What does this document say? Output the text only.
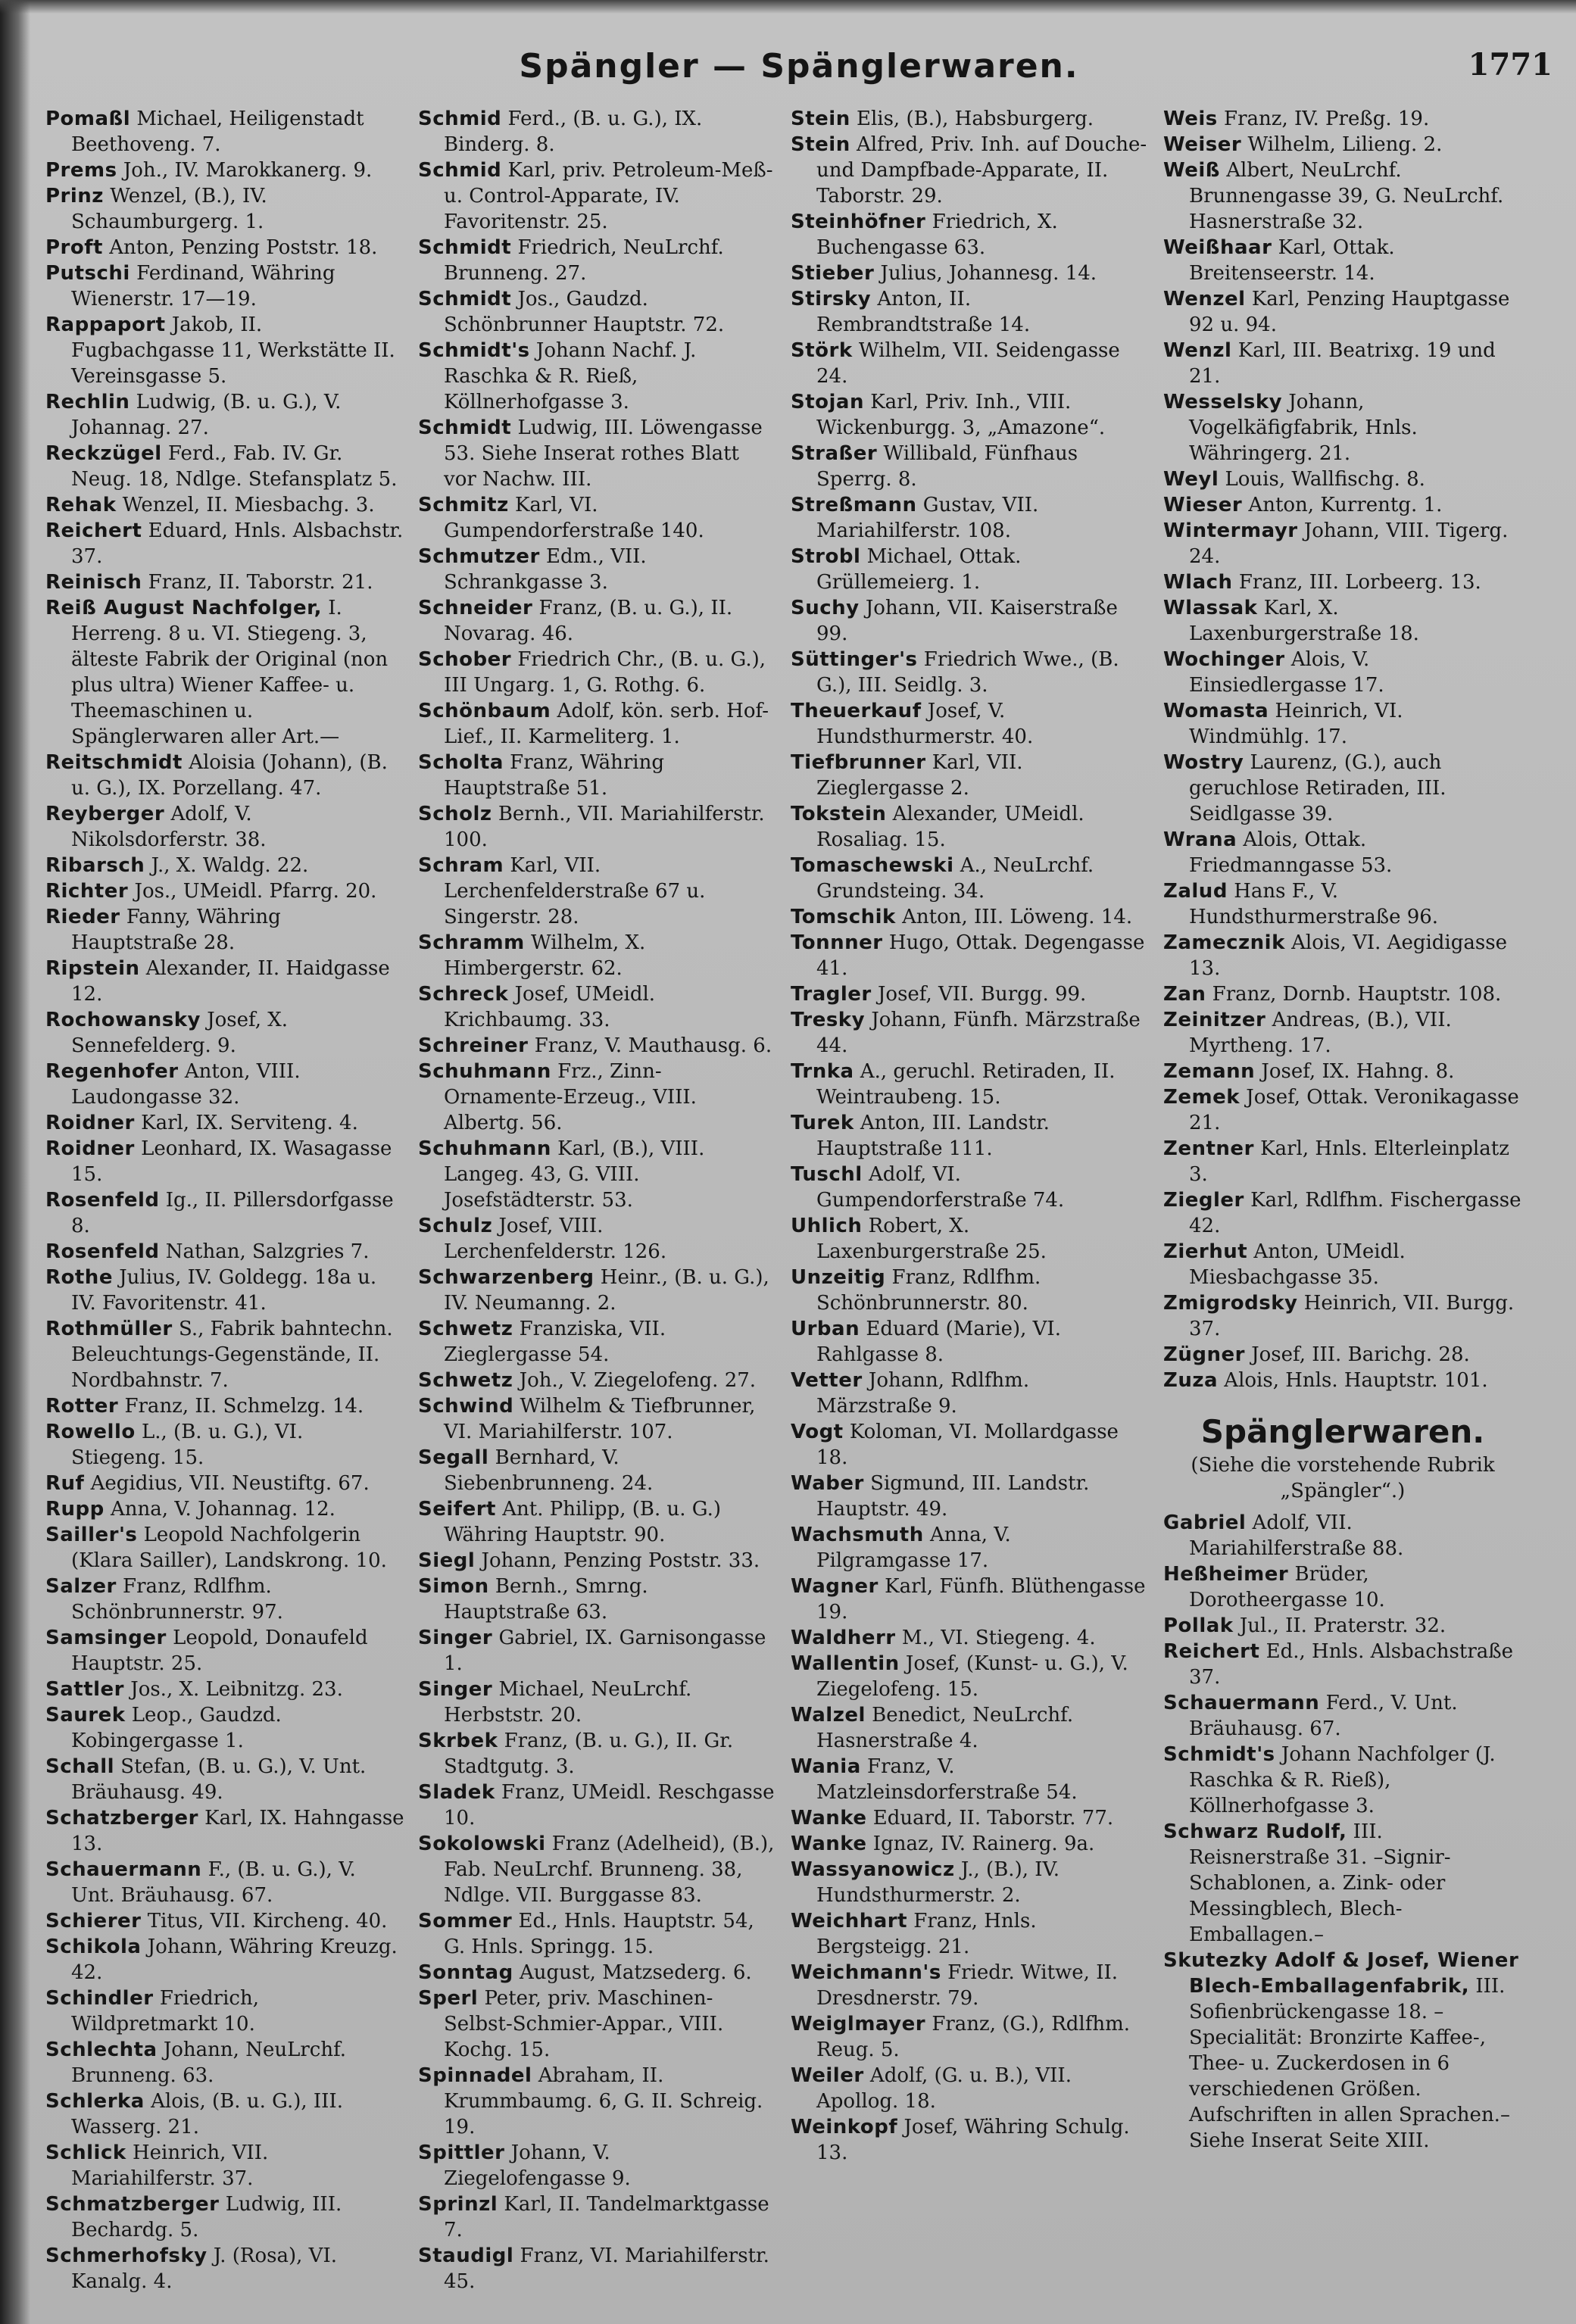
Spängler — Spänglerwaren.	1771

Pomaßl Michael, Heiligenstadt Beethoveng. 7.

Prems Joh., IV. Marokkanerg. 9.

Prinz Wenzel, (B.), IV. Schaumburgerg. 1.

Proft Anton, Penzing Poststr. 18.

Putschi Ferdinand, Währing Wienerstr. 17—19.

Rappaport Jakob, II. Fugbachgasse 11, Werkstätte II. Vereinsgasse 5.

Rechlin Ludwig, (B. u. G.), V. Johannag. 27.

Reckzügel Ferd., Fab. IV. Gr. Neug. 18, Ndlge. Stefansplatz 5.

Rehak Wenzel, II. Miesbachg. 3.

Reichert Eduard, Hnls. Alsbachstr. 37.

Reinisch Franz, II. Taborstr. 21.

Reiß August Nachfolger, I. Herreng. 8 u. VI. Stiegeng. 3, älteste Fabrik der Original (non plus ultra) Wiener Kaffee- u. Theemaschinen u. Spänglerwaren aller Art.—

Reitschmidt Aloisia (Johann), (B. u. G.), IX. Porzellang. 47.

Reyberger Adolf, V. Nikolsdorferstr. 38.

Ribarsch J., X. Waldg. 22.

Richter Jos., UMeidl. Pfarrg. 20.

Rieder Fanny, Währing Hauptstraße 28.

Ripstein Alexander, II. Haidgasse 12.

Rochowansky Josef, X. Sennefelderg. 9.

Regenhofer Anton, VIII. Laudongasse 32.

Roidner Karl, IX. Serviteng. 4.

Roidner Leonhard, IX. Wasagasse 15.

Rosenfeld Ig., II. Pillersdorfgasse 8.

Rosenfeld Nathan, Salzgries 7.

Rothe Julius, IV. Goldegg. 18a u. IV. Favoritenstr. 41.

Rothmüller S., Fabrik bahntechn. Beleuchtungs-Gegenstände, II. Nordbahnstr. 7.

Rotter Franz, II. Schmelzg. 14.

Rowello L., (B. u. G.), VI. Stiegeng. 15.

Ruf Aegidius, VII. Neustiftg. 67.

Rupp Anna, V. Johannag. 12.

Sailler's Leopold Nachfolgerin (Klara Sailler), Landskrong. 10.

Salzer Franz, Rdlfhm. Schönbrunnerstr. 97.

Samsinger Leopold, Donaufeld Hauptstr. 25.

Sattler Jos., X. Leibnitzg. 23.

Saurek Leop., Gaudzd. Kobingergasse 1.

Schall Stefan, (B. u. G.), V. Unt. Bräuhausg. 49.

Schatzberger Karl, IX. Hahngasse 13.

Schauermann F., (B. u. G.), V. Unt. Bräuhausg. 67.

Schierer Titus, VII. Kircheng. 40.

Schikola Johann, Währing Kreuzg. 42.

Schindler Friedrich, Wildpretmarkt 10.

Schlechta Johann, NeuLrchf. Brunneng. 63.

Schlerka Alois, (B. u. G.), III. Wasserg. 21.

Schlick Heinrich, VII. Mariahilferstr. 37.

Schmatzberger Ludwig, III. Bechardg. 5.

Schmerhofsky J. (Rosa), VI. Kanalg. 4.

Schmid Ferd., (B. u. G.), IX. Binderg. 8.

Schmid Karl, priv. Petroleum-Meß- u. Control-Apparate, IV. Favoritenstr. 25.

Schmidt Friedrich, NeuLrchf. Brunneng. 27.

Schmidt Jos., Gaudzd. Schönbrunner Hauptstr. 72.

Schmidt's Johann Nachf. J. Raschka & R. Rieß, Köllnerhofgasse 3.

Schmidt Ludwig, III. Löwengasse 53. Siehe Inserat rothes Blatt vor Nachw. III.

Schmitz Karl, VI. Gumpendorferstraße 140.

Schmutzer Edm., VII. Schrankgasse 3.

Schneider Franz, (B. u. G.), II. Novarag. 46.

Schober Friedrich Chr., (B. u. G.), III Ungarg. 1, G. Rothg. 6.

Schönbaum Adolf, kön. serb. Hof-Lief., II. Karmeliterg. 1.

Scholta Franz, Währing Hauptstraße 51.

Scholz Bernh., VII. Mariahilferstr. 100.

Schram Karl, VII. Lerchenfelderstraße 67 u. Singerstr. 28.

Schramm Wilhelm, X. Himbergerstr. 62.

Schreck Josef, UMeidl. Krichbaumg. 33.

Schreiner Franz, V. Mauthausg. 6.

Schuhmann Frz., Zinn-Ornamente-Erzeug., VIII. Albertg. 56.

Schuhmann Karl, (B.), VIII. Langeg. 43, G. VIII. Josefstädterstr. 53.

Schulz Josef, VIII. Lerchenfelderstr. 126.

Schwarzenberg Heinr., (B. u. G.), IV. Neumanng. 2.

Schwetz Franziska, VII. Zieglergasse 54.

Schwetz Joh., V. Ziegelofeng. 27.

Schwind Wilhelm & Tiefbrunner, VI. Mariahilferstr. 107.

Segall Bernhard, V. Siebenbrunneng. 24.

Seifert Ant. Philipp, (B. u. G.) Währing Hauptstr. 90.

Siegl Johann, Penzing Poststr. 33.

Simon Bernh., Smrng. Hauptstraße 63.

Singer Gabriel, IX. Garnisongasse 1.

Singer Michael, NeuLrchf. Herbststr. 20.

Skrbek Franz, (B. u. G.), II. Gr. Stadtgutg. 3.

Sladek Franz, UMeidl. Reschgasse 10.

Sokolowski Franz (Adelheid), (B.), Fab. NeuLrchf. Brunneng. 38, Ndlge. VII. Burggasse 83.

Sommer Ed., Hnls. Hauptstr. 54, G. Hnls. Springg. 15.

Sonntag August, Matzsederg. 6.

Sperl Peter, priv. Maschinen-Selbst-Schmier-Appar., VIII. Kochg. 15.

Spinnadel Abraham, II. Krummbaumg. 6, G. II. Schreig. 19.

Spittler Johann, V. Ziegelofengasse 9.

Sprinzl Karl, II. Tandelmarktgasse 7.

Staudigl Franz, VI. Mariahilferstr. 45.

Stein Elis, (B.), Habsburgerg.

Stein Alfred, Priv. Inh. auf Douche- und Dampfbade-Apparate, II. Taborstr. 29.

Steinhöfner Friedrich, X. Buchengasse 63.

Stieber Julius, Johannesg. 14.

Stirsky Anton, II. Rembrandtstraße 14.

Störk Wilhelm, VII. Seidengasse 24.

Stojan Karl, Priv. Inh., VIII. Wickenburgg. 3, „Amazone“.

Straßer Willibald, Fünfhaus Sperrg. 8.

Streßmann Gustav, VII. Mariahilferstr. 108.

Strobl Michael, Ottak. Grüllemeierg. 1.

Suchy Johann, VII. Kaiserstraße 99.

Süttinger's Friedrich Wwe., (B. G.), III. Seidlg. 3.

Theuerkauf Josef, V. Hundsthurmerstr. 40.

Tiefbrunner Karl, VII. Zieglergasse 2.

Tokstein Alexander, UMeidl. Rosaliag. 15.

Tomaschewski A., NeuLrchf. Grundsteing. 34.

Tomschik Anton, III. Löweng. 14.

Tonnner Hugo, Ottak. Degengasse 41.

Tragler Josef, VII. Burgg. 99.

Tresky Johann, Fünfh. Märzstraße 44.

Trnka A., geruchl. Retiraden, II. Weintraubeng. 15.

Turek Anton, III. Landstr. Hauptstraße 111.

Tuschl Adolf, VI. Gumpendorferstraße 74.

Uhlich Robert, X. Laxenburgerstraße 25.

Unzeitig Franz, Rdlfhm. Schönbrunnerstr. 80.

Urban Eduard (Marie), VI. Rahlgasse 8.

Vetter Johann, Rdlfhm. Märzstraße 9.

Vogt Koloman, VI. Mollardgasse 18.

Waber Sigmund, III. Landstr. Hauptstr. 49.

Wachsmuth Anna, V. Pilgramgasse 17.

Wagner Karl, Fünfh. Blüthengasse 19.

Waldherr M., VI. Stiegeng. 4.

Wallentin Josef, (Kunst- u. G.), V. Ziegelofeng. 15.

Walzel Benedict, NeuLrchf. Hasnerstraße 4.

Wania Franz, V. Matzleinsdorferstraße 54.

Wanke Eduard, II. Taborstr. 77.

Wanke Ignaz, IV. Rainerg. 9a.

Wassyanowicz J., (B.), IV. Hundsthurmerstr. 2.

Weichhart Franz, Hnls. Bergsteigg. 21.

Weichmann's Friedr. Witwe, II. Dresdnerstr. 79.

Weiglmayer Franz, (G.), Rdlfhm. Reug. 5.

Weiler Adolf, (G. u. B.), VII. Apollog. 18.

Weinkopf Josef, Währing Schulg. 13.

Weis Franz, IV. Preßg. 19.

Weiser Wilhelm, Lilieng. 2.

Weiß Albert, NeuLrchf. Brunnengasse 39, G. NeuLrchf. Hasnerstraße 32.

Weißhaar Karl, Ottak. Breitenseerstr. 14.

Wenzel Karl, Penzing Hauptgasse 92 u. 94.

Wenzl Karl, III. Beatrixg. 19 und 21.

Wesselsky Johann, Vogelkäfigfabrik, Hnls. Währingerg. 21.

Weyl Louis, Wallfischg. 8.

Wieser Anton, Kurrentg. 1.

Wintermayr Johann, VIII. Tigerg. 24.

Wlach Franz, III. Lorbeerg. 13.

Wlassak Karl, X. Laxenburgerstraße 18.

Wochinger Alois, V. Einsiedlergasse 17.

Womasta Heinrich, VI. Windmühlg. 17.

Wostry Laurenz, (G.), auch geruchlose Retiraden, III. Seidlgasse 39.

Wrana Alois, Ottak. Friedmanngasse 53.

Zalud Hans F., V. Hundsthurmerstraße 96.

Zamecznik Alois, VI. Aegidigasse 13.

Zan Franz, Dornb. Hauptstr. 108.

Zeinitzer Andreas, (B.), VII. Myrtheng. 17.

Zemann Josef, IX. Hahng. 8.

Zemek Josef, Ottak. Veronikagasse 21.

Zentner Karl, Hnls. Elterleinplatz 3.

Ziegler Karl, Rdlfhm. Fischergasse 42.

Zierhut Anton, UMeidl. Miesbachgasse 35.

Zmigrodsky Heinrich, VII. Burgg. 37.

Zügner Josef, III. Barichg. 28.

Zuza Alois, Hnls. Hauptstr. 101.

Spänglerwaren.
(Siehe die vorstehende Rubrik „Spängler“.)

Gabriel Adolf, VII. Mariahilferstraße 88.

Heßheimer Brüder, Dorotheergasse 10.

Pollak Jul., II. Praterstr. 32.

Reichert Ed., Hnls. Alsbachstraße 37.

Schauermann Ferd., V. Unt. Bräuhausg. 67.

Schmidt's Johann Nachfolger (J. Raschka & R. Rieß), Köllnerhofgasse 3.

Schwarz Rudolf, III. Reisnerstraße 31. –Signir-Schablonen, a. Zink- oder Messingblech, Blech-Emballagen.–

Skutezky Adolf & Josef, Wiener Blech-Emballagenfabrik, III. Sofienbrückengasse 18. –Specialität: Bronzirte Kaffee-, Thee- u. Zuckerdosen in 6 verschiedenen Größen. Aufschriften in allen Sprachen.– Siehe Inserat Seite XIII.
